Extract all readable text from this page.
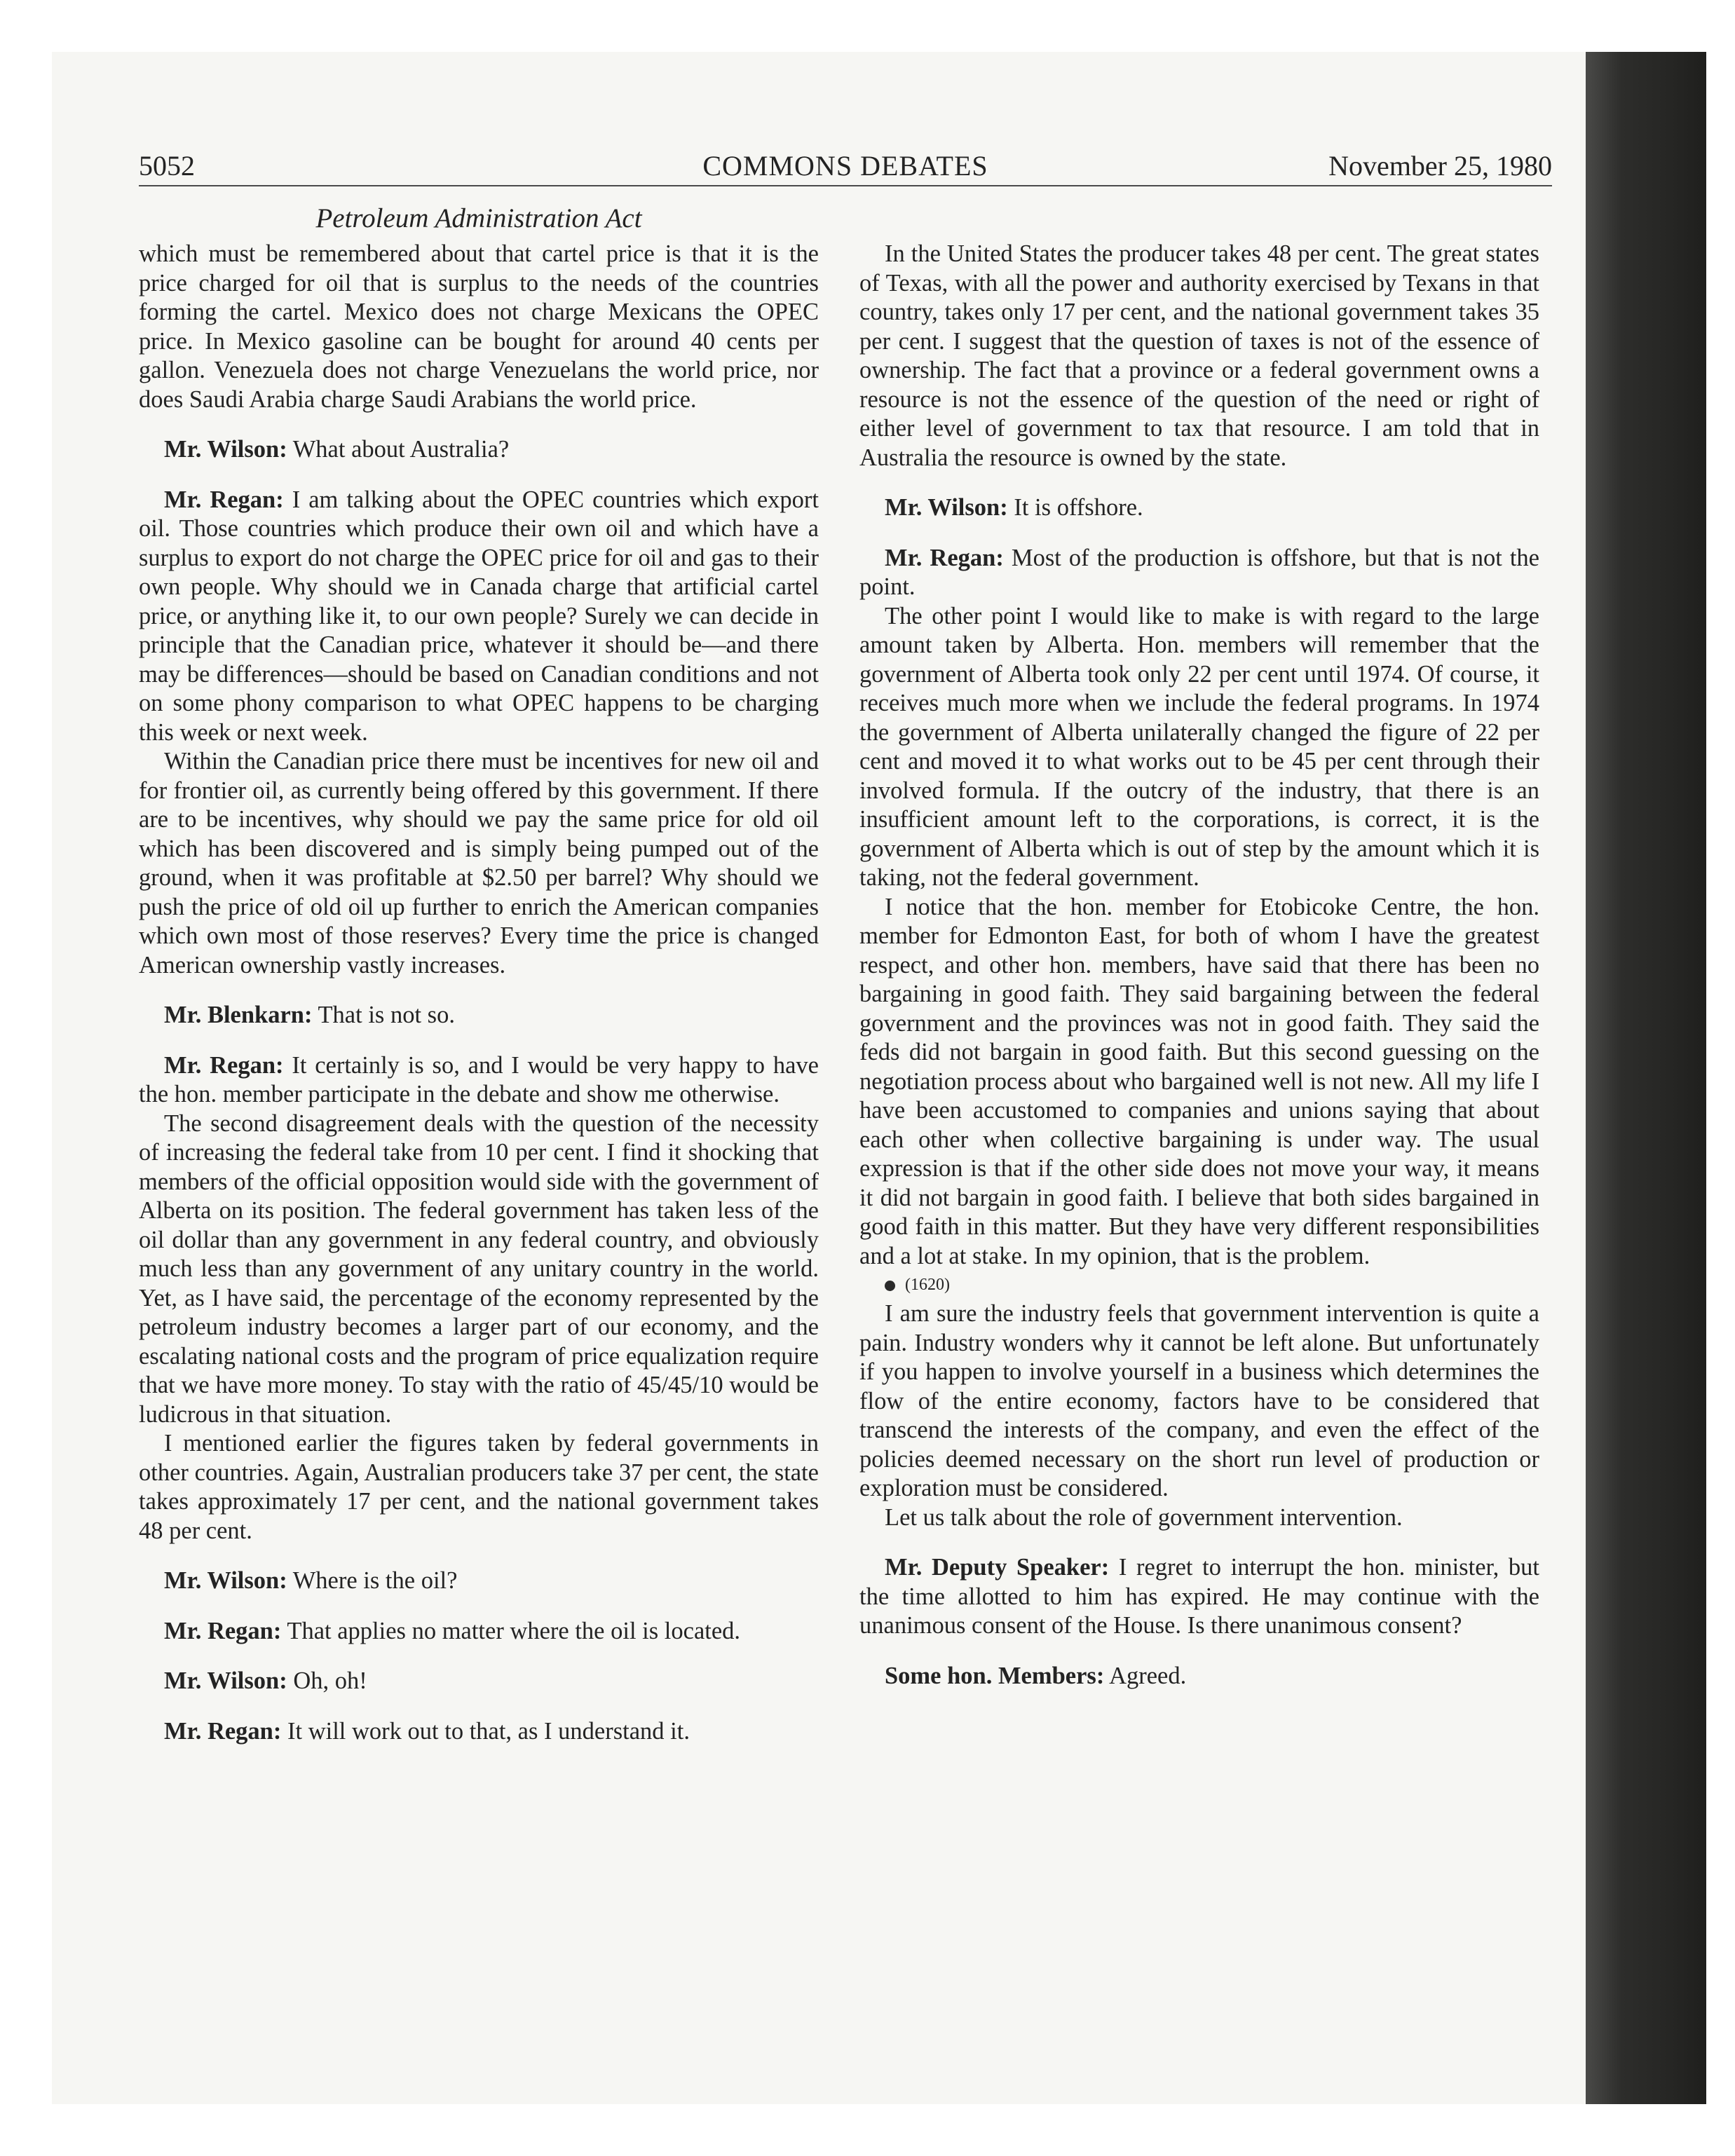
5052	COMMONS DEBATES	November 25, 1980
Petroleum Administration Act

which must be remembered about that cartel price is that it is the price charged for oil that is surplus to the needs of the countries forming the cartel. Mexico does not charge Mexicans the OPEC price. In Mexico gasoline can be bought for around 40 cents per gallon. Venezuela does not charge Venezuelans the world price, nor does Saudi Arabia charge Saudi Arabians the world price.

Mr. Wilson: What about Australia?

Mr. Regan: I am talking about the OPEC countries which export oil. Those countries which produce their own oil and which have a surplus to export do not charge the OPEC price for oil and gas to their own people. Why should we in Canada charge that artificial cartel price, or anything like it, to our own people? Surely we can decide in principle that the Canadian price, whatever it should be—and there may be differences—should be based on Canadian conditions and not on some phony comparison to what OPEC happens to be charging this week or next week.

Within the Canadian price there must be incentives for new oil and for frontier oil, as currently being offered by this government. If there are to be incentives, why should we pay the same price for old oil which has been discovered and is simply being pumped out of the ground, when it was profitable at $2.50 per barrel? Why should we push the price of old oil up further to enrich the American companies which own most of those reserves? Every time the price is changed American ownership vastly increases.

Mr. Blenkarn: That is not so.

Mr. Regan: It certainly is so, and I would be very happy to have the hon. member participate in the debate and show me otherwise.

The second disagreement deals with the question of the necessity of increasing the federal take from 10 per cent. I find it shocking that members of the official opposition would side with the government of Alberta on its position. The federal government has taken less of the oil dollar than any government in any federal country, and obviously much less than any government of any unitary country in the world. Yet, as I have said, the percentage of the economy represented by the petroleum industry becomes a larger part of our economy, and the escalating national costs and the program of price equalization require that we have more money. To stay with the ratio of 45/45/10 would be ludicrous in that situation.

I mentioned earlier the figures taken by federal governments in other countries. Again, Australian producers take 37 per cent, the state takes approximately 17 per cent, and the national government takes 48 per cent.

Mr. Wilson: Where is the oil?

Mr. Regan: That applies no matter where the oil is located.

Mr. Wilson: Oh, oh!

Mr. Regan: It will work out to that, as I understand it.

In the United States the producer takes 48 per cent. The great states of Texas, with all the power and authority exercised by Texans in that country, takes only 17 per cent, and the national government takes 35 per cent. I suggest that the question of taxes is not of the essence of ownership. The fact that a province or a federal government owns a resource is not the essence of the question of the need or right of either level of government to tax that resource. I am told that in Australia the resource is owned by the state.

Mr. Wilson: It is offshore.

Mr. Regan: Most of the production is offshore, but that is not the point.

The other point I would like to make is with regard to the large amount taken by Alberta. Hon. members will remember that the government of Alberta took only 22 per cent until 1974. Of course, it receives much more when we include the federal programs. In 1974 the government of Alberta unilaterally changed the figure of 22 per cent and moved it to what works out to be 45 per cent through their involved formula. If the outcry of the industry, that there is an insufficient amount left to the corporations, is correct, it is the government of Alberta which is out of step by the amount which it is taking, not the federal government.

I notice that the hon. member for Etobicoke Centre, the hon. member for Edmonton East, for both of whom I have the greatest respect, and other hon. members, have said that there has been no bargaining in good faith. They said bargaining between the federal government and the provinces was not in good faith. They said the feds did not bargain in good faith. But this second guessing on the negotiation process about who bargained well is not new. All my life I have been accustomed to companies and unions saying that about each other when collective bargaining is under way. The usual expression is that if the other side does not move your way, it means it did not bargain in good faith. I believe that both sides bargained in good faith in this matter. But they have very different responsibilities and a lot at stake. In my opinion, that is the problem.

(1620)

I am sure the industry feels that government intervention is quite a pain. Industry wonders why it cannot be left alone. But unfortunately if you happen to involve yourself in a business which determines the flow of the entire economy, factors have to be considered that transcend the interests of the company, and even the effect of the policies deemed necessary on the short run level of production or exploration must be considered.

Let us talk about the role of government intervention.

Mr. Deputy Speaker: I regret to interrupt the hon. minister, but the time allotted to him has expired. He may continue with the unanimous consent of the House. Is there unanimous consent?

Some hon. Members: Agreed.
